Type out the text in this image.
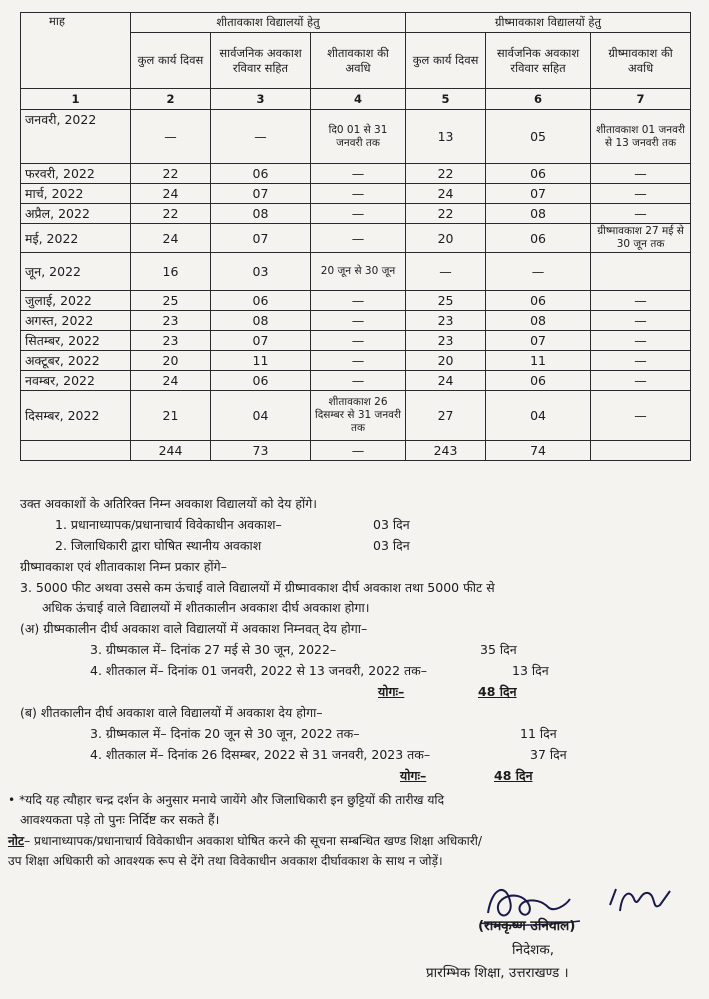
माह	शीतावकाश विद्यालयों हेतु			ग्रीष्मावकाश विद्यालयों हेतु		
	कुल कार्य दिवस	सार्वजनिक अवकाश रविवार सहित	शीतावकाश की अवधि	कुल कार्य दिवस	सार्वजनिक अवकाश रविवार सहित	ग्रीष्मावकाश की अवधि
1	2	3	4	5	6	7
जनवरी, 2022	—	—	दि0 01 से 31 जनवरी तक	13	05	शीतावकाश 01 जनवरी से 13 जनवरी तक
फरवरी, 2022	22	06	—	22	06	—
मार्च, 2022	24	07	—	24	07	—
अप्रैल, 2022	22	08	—	22	08	—
मई, 2022	24	07	—	20	06	ग्रीष्मावकाश 27 मई से 30 जून तक
जून, 2022	16	03	20 जून से 30 जून	—	—	
जुलाई, 2022	25	06	—	25	06	—
अगस्त, 2022	23	08	—	23	08	—
सितम्बर, 2022	23	07	—	23	07	—
अक्टूबर, 2022	20	11	—	20	11	—
नवम्बर, 2022	24	06	—	24	06	—
दिसम्बर, 2022	21	04	शीतावकाश 26 दिसम्बर से 31 जनवरी तक	27	04	—
	244	73	—	243	74	
उक्त अवकाशों के अतिरिक्त निम्न अवकाश विद्यालयों को देय होंगे।
1. प्रधानाध्यापक/प्रधानाचार्य विवेकाधीन अवकाश–	03 दिन
2. जिलाधिकारी द्वारा घोषित स्थानीय अवकाश	03 दिन
ग्रीष्मावकाश एवं शीतावकाश निम्न प्रकार होंगे–
3. 5000 फीट अथवा उससे कम ऊंचाई वाले विद्यालयों में ग्रीष्मावकाश दीर्घ अवकाश तथा 5000 फीट से
अधिक ऊंचाई वाले विद्यालयों में शीतकालीन अवकाश दीर्घ अवकाश होगा।
(अ) ग्रीष्मकालीन दीर्घ अवकाश वाले विद्यालयों में अवकाश निम्नवत् देय होगा–
3. ग्रीष्मकाल में– दिनांक 27 मई से 30 जून, 2022–	35 दिन
4. शीतकाल में– दिनांक 01 जनवरी, 2022 से 13 जनवरी, 2022 तक–	13 दिन
योगः–	48 दिन
(ब) शीतकालीन दीर्घ अवकाश वाले विद्यालयों में अवकाश देय होगा–
3. ग्रीष्मकाल में– दिनांक 20 जून से 30 जून, 2022 तक–	11 दिन
4. शीतकाल में– दिनांक 26 दिसम्बर, 2022 से 31 जनवरी, 2023 तक–	37 दिन
योगः–	48 दिन
• *यदि यह त्यौहार चन्द्र दर्शन के अनुसार मनाये जायेंगे और जिलाधिकारी इन छुट्टियों की तारीख यदि
आवश्यकता पड़े तो पुनः निर्दिष्ट कर सकते हैं।
नोट– प्रधानाध्यापक/प्रधानाचार्य विवेकाधीन अवकाश घोषित करने की सूचना सम्बन्धित खण्ड शिक्षा अधिकारी/
उप शिक्षा अधिकारी को आवश्यक रूप से देंगे तथा विवेकाधीन अवकाश दीर्घावकाश के साथ न जोड़ें।
(रामकृष्ण उनियाल)
निदेशक,
प्रारम्भिक शिक्षा, उत्तराखण्ड ।
